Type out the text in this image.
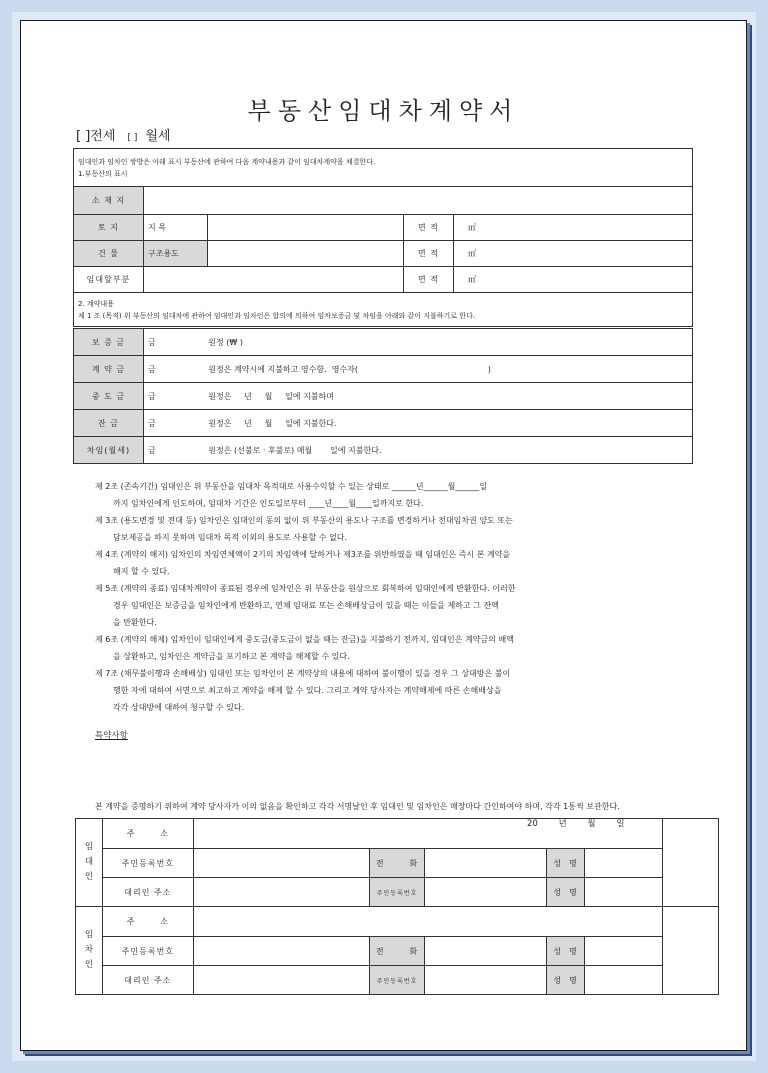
부동산임대차계약서
[ ]전세 [ ] 월세
임대인과 임차인 쌍방은 아래 표시 부동산에 관하여 다음 계약내용과 같이 임대차계약을 체결한다.
1.부동산의 표시				

소 재 지				
토 지	지 목		면 적	㎡
건 물	구조용도		면 적	㎡
임대할부분			면 적	㎡

2. 계약내용
제 1 조 (목적) 위 부동산의 임대차에 관하여 임대인과 임차인은 합의에 의하여 임차보증금 및 차임을 아래와 같이 지불하기로 한다.				
보 증 금	금 원정 (₩ )
계 약 금	금 원정은 계약시에 지불하고 영수함.  영수자(                                                   )
중 도 금	금 원정은     년     월     일에 지불하며
잔 금	금 원정은     년     월     일에 지불한다.
차임(월세)	금 원정은 (선불로 · 후불로) 매월       일에 지불한다.
제 2조 (존속기간) 임대인은 위 부동산을 임대차 목적대로 사용수익할 수 있는 상태로 ______년______월______일
까지 임차인에게 인도하며, 임대차 기간은 인도일로부터 ____년____월____일까지로 한다.
제 3조 (용도변경 및 전대 등) 임차인은 임대인의 동의 없이 위 부동산의 용도나 구조를 변경하거나 전대임차권 양도 또는
담보제공을 하지 못하며 임대차 목적 이외의 용도로 사용할 수 없다.
제 4조 (계약의 해지) 임차인의 차임연체액이 2기의 차임액에 달하거나 제3조를 위반하였을 때 임대인은 즉시 본 계약을
해지 할 수 있다.
제 5조 (계약의 종료) 임대차계약이 종료된 경우에 임차인은 위 부동산을 원상으로 회복하여 임대인에게 반환한다. 이러한
경우 임대인은 보증금을 임차인에게 반환하고, 연체 임대료 또는 손해배상금이 있을 때는 이들을 제하고 그 잔액
을 반환한다.
제 6조 (계약의 해제) 임차인이 임대인에게 중도금(중도금이 없을 때는 잔금)을 지불하기 전까지, 임대인은 계약금의 배액
을 상환하고, 임차인은 계약금을 포기하고 본 계약을 해제할 수 있다.
제 7조 (채무불이행과 손해배상) 임대인 또는 임차인이 본 계약상의 내용에 대하여 불이행이 있을 경우 그 상대방은 불이
행한 자에 대하여 서면으로 최고하고 계약을 해제 할 수 있다. 그리고 계약 당사자는 계약해제에 따른 손해배상을
각각 상대방에 대하여 청구할 수 있다.
특약사항
본 계약을 증명하기 위하여 계약 당사자가 이의 없음을 확인하고 각각 서명날인 후 임대인 및 임차인은 매장마다 간인하여야 하며, 각각 1통씩 보관한다.
20 년 월 일
임
대
인	주       소						
	주민등록번호		전       화		성  명		
	대리인 주소		주민등록번호		성  명		

임
차
인	주       소						
	주민등록번호		전       화		성  명		
	대리인 주소		주민등록번호		성  명		
